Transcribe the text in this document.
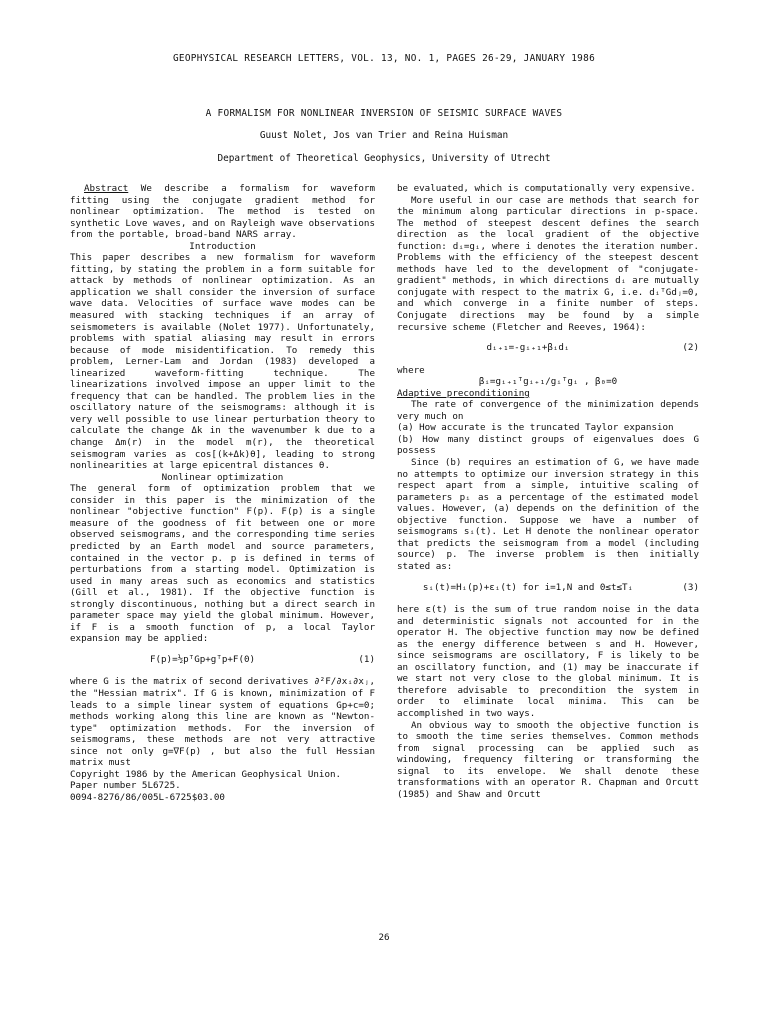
GEOPHYSICAL RESEARCH LETTERS, VOL. 13, NO. 1, PAGES 26-29, JANUARY 1986
A FORMALISM FOR NONLINEAR INVERSION OF SEISMIC SURFACE WAVES
Guust Nolet, Jos van Trier and Reina Huisman
Department of Theoretical Geophysics, University of Utrecht

Abstract We describe a formalism for waveform fitting using the conjugate gradient method for nonlinear optimization. The method is tested on synthetic Love waves, and on Rayleigh wave observations from the portable, broad-band NARS array.

Introduction

This paper describes a new formalism for waveform fitting, by stating the problem in a form suitable for attack by methods of nonlinear optimization. As an application we shall consider the inversion of surface wave data. Velocities of surface wave modes can be measured with stacking techniques if an array of seismometers is available (Nolet 1977). Unfortunately, problems with spatial aliasing may result in errors because of mode misidentification. To remedy this problem, Lerner-Lam and Jordan (1983) developed a linearized waveform-fitting technique. The linearizations involved impose an upper limit to the frequency that can be handled. The problem lies in the oscillatory nature of the seismograms: although it is very well possible to use linear perturbation theory to calculate the change Δk in the wavenumber k due to a change Δm(r) in the model m(r), the theoretical seismogram varies as cos[(k+Δk)θ], leading to strong nonlinearities at large epicentral distances θ.

Nonlinear optimization

The general form of optimization problem that we consider in this paper is the minimization of the nonlinear "objective function" F(p). F(p) is a single measure of the goodness of fit between one or more observed seismograms, and the corresponding time series predicted by an Earth model and source parameters, contained in the vector p. p is defined in terms of perturbations from a starting model. Optimization is used in many areas such as economics and statistics (Gill et al., 1981). If the objective function is strongly discontinuous, nothing but a direct search in parameter space may yield the global minimum. However, if F is a smooth function of p, a local Taylor expansion may be applied:

F(p)=½pᵀGp+gᵀp+F(0)	(1)

where G is the matrix of second derivatives ∂²F/∂xᵢ∂xⱼ, the "Hessian matrix". If G is known, minimization of F leads to a simple linear system of equations Gp+c=0; methods working along this line are known as "Newton-type" optimization methods. For the inversion of seismograms, these methods are not very attractive since not only g=∇F(p) , but also the full Hessian matrix must

Copyright 1986 by the American Geophysical Union.

Paper number 5L6725.

0094-8276/86/005L-6725$03.00

be evaluated, which is computationally very expensive.

More useful in our case are methods that search for the minimum along particular directions in p-space. The method of steepest descent defines the search direction as the local gradient of the objective function: dᵢ=gᵢ, where i denotes the iteration number. Problems with the efficiency of the steepest descent methods have led to the development of "conjugate-gradient" methods, in which directions dᵢ are mutually conjugate with respect to the matrix G, i.e. dᵢᵀGdⱼ=0, and which converge in a finite number of steps. Conjugate directions may be found by a simple recursive scheme (Fletcher and Reeves, 1964):

dᵢ₊₁=-gᵢ₊₁+βᵢdᵢ	(2)

where

βᵢ=gᵢ₊₁ᵀgᵢ₊₁/gᵢᵀgᵢ , β₀=0

Adaptive preconditioning

The rate of convergence of the minimization depends very much on

(a) How accurate is the truncated Taylor expansion

(b) How many distinct groups of eigenvalues does G possess

Since (b) requires an estimation of G, we have made no attempts to optimize our inversion strategy in this respect apart from a simple, intuitive scaling of parameters pᵢ as a percentage of the estimated model values. However, (a) depends on the definition of the objective function. Suppose we have a number of seismograms sᵢ(t). Let H denote the nonlinear operator that predicts the seismogram from a model (including source) p. The inverse problem is then initially stated as:

sᵢ(t)=Hᵢ(p)+εᵢ(t) for i=1,N and 0≤t≤Tᵢ	(3)

here ε(t) is the sum of true random noise in the data and deterministic signals not accounted for in the operator H. The objective function may now be defined as the energy difference between s and H. However, since seismograms are oscillatory, F is likely to be an oscillatory function, and (1) may be inaccurate if we start not very close to the global minimum. It is therefore advisable to precondition the system in order to eliminate local minima. This can be accomplished in two ways.

An obvious way to smooth the objective function is to smooth the time series themselves. Common methods from signal processing can be applied such as windowing, frequency filtering or transforming the signal to its envelope. We shall denote these transformations with an operator R. Chapman and Orcutt (1985) and Shaw and Orcutt

26
